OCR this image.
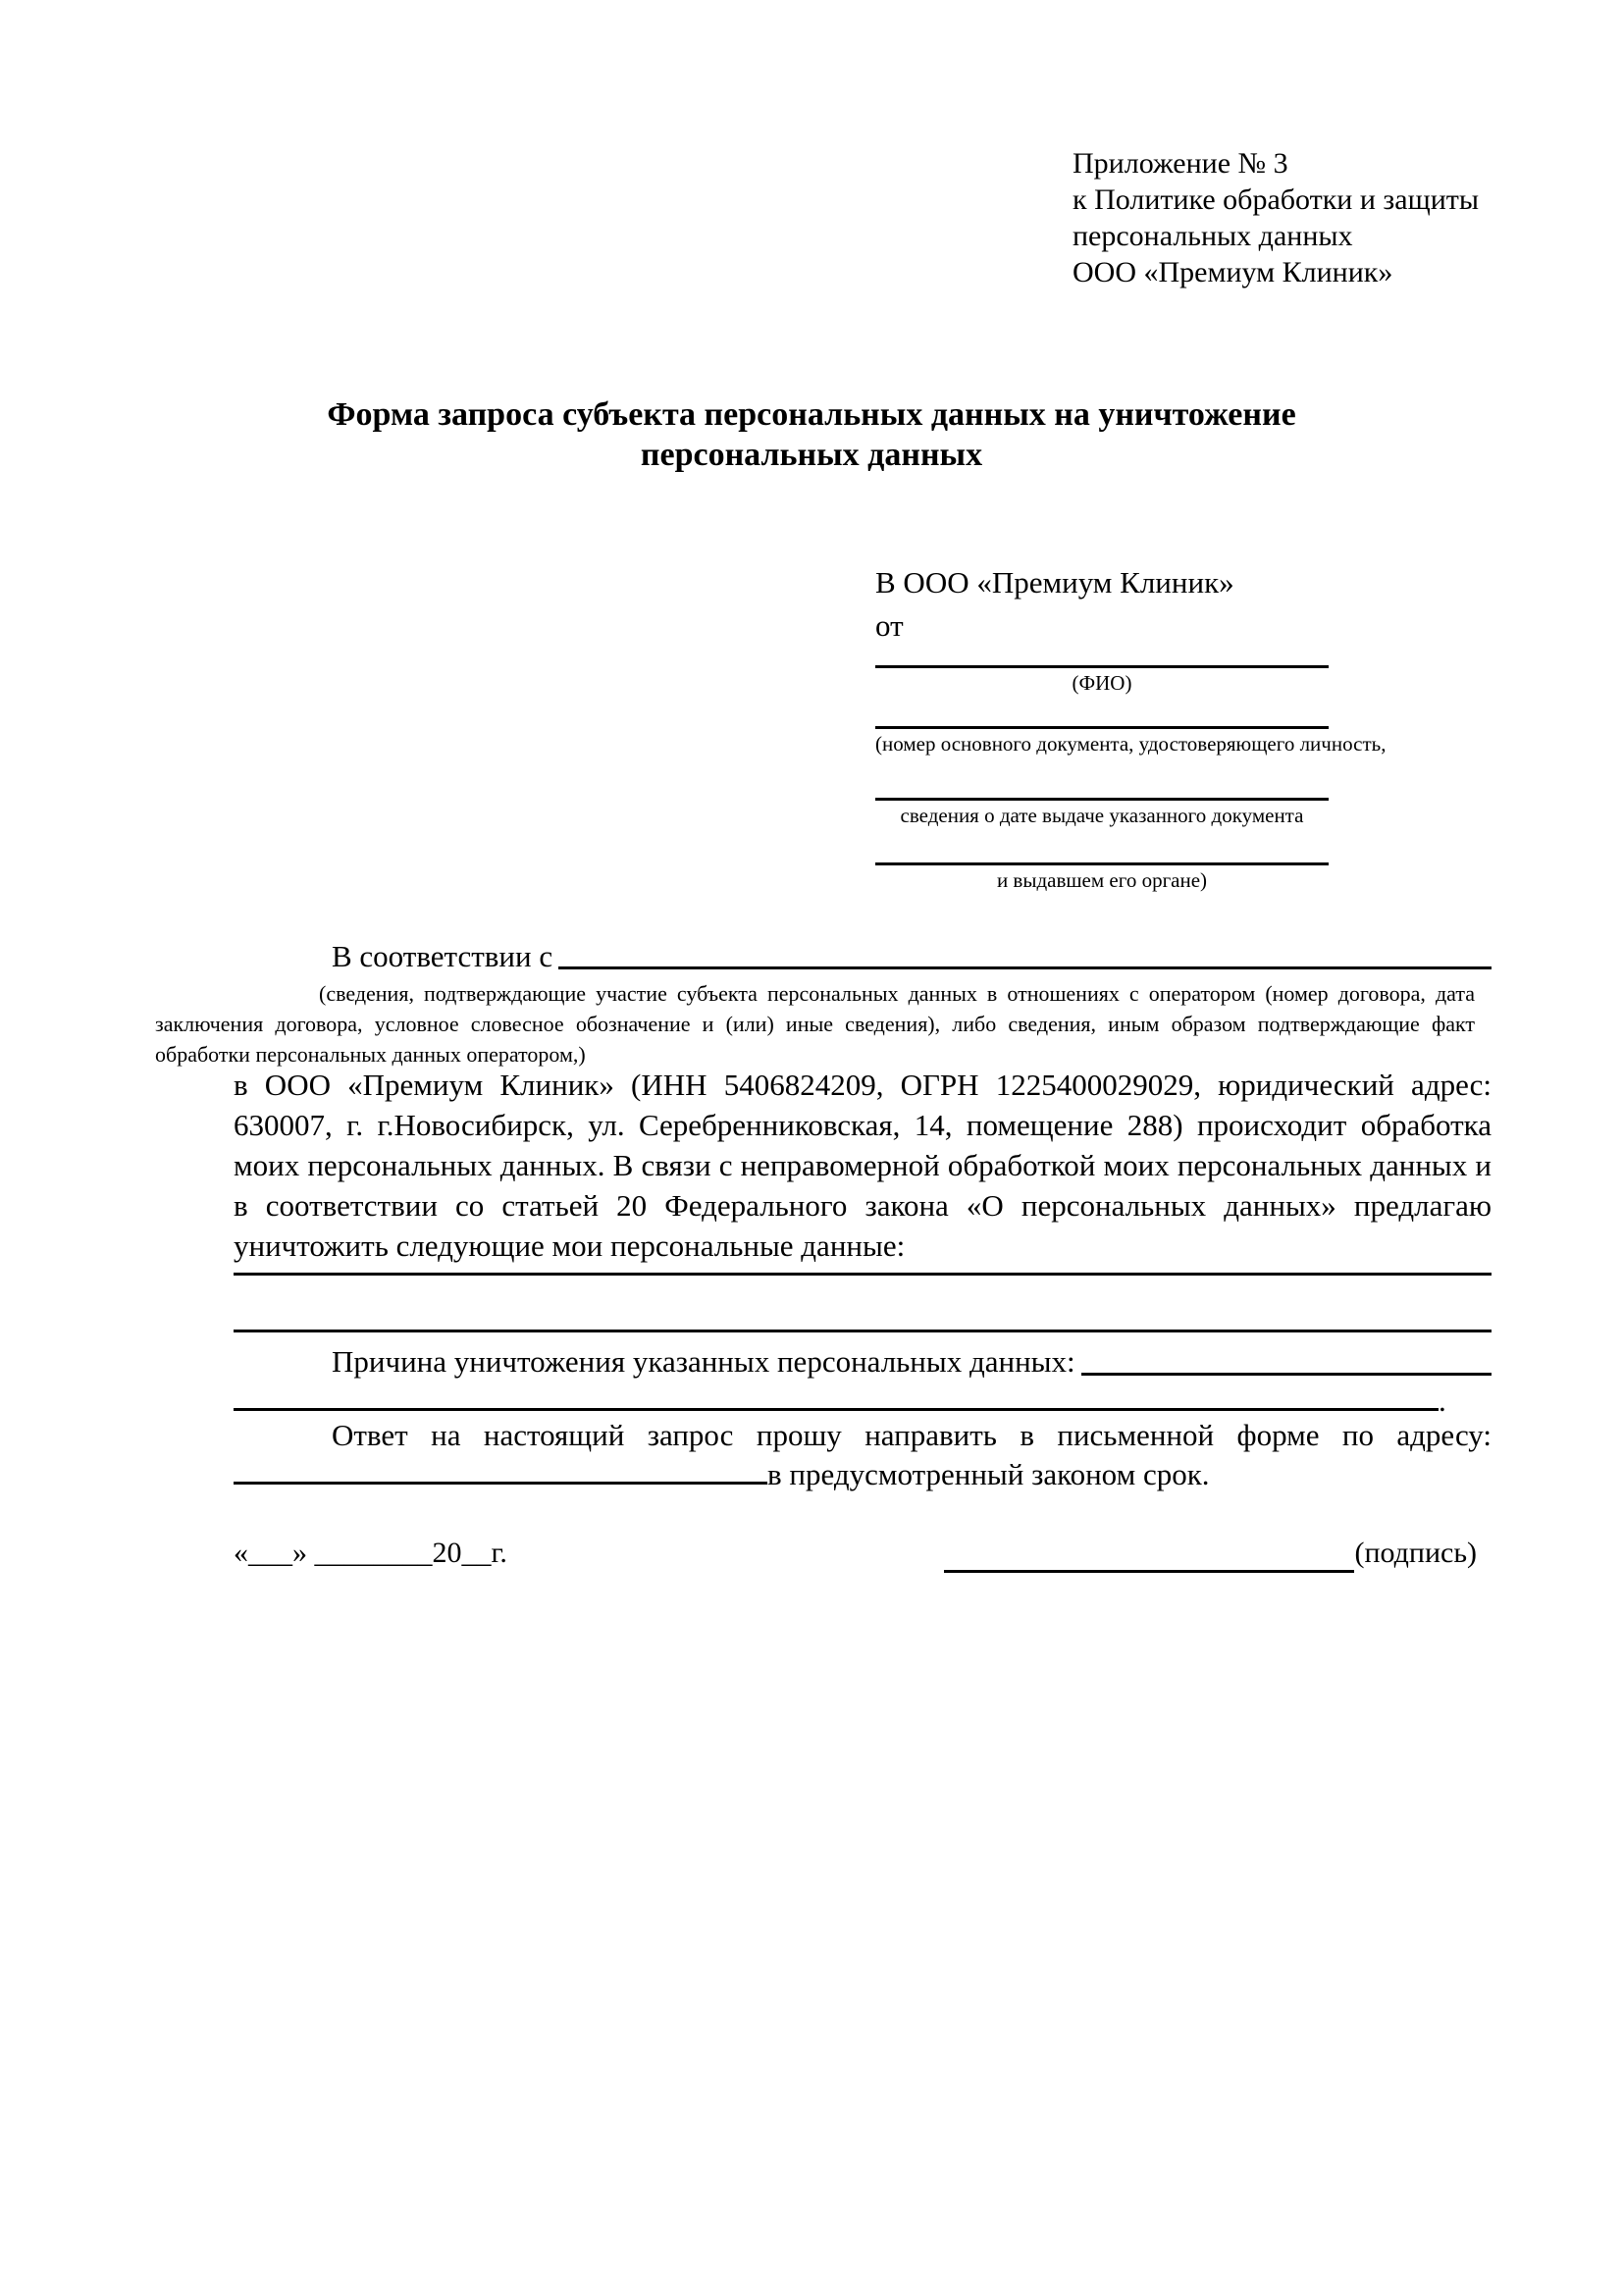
Приложение № 3
к Политике обработки и защиты
персональных данных
ООО «Премиум Клиник»
Форма запроса субъекта персональных данных на уничтожение
персональных данных
В ООО «Премиум Клиник»
от
(ФИО)
(номер основного документа, удостоверяющего личность,
сведения о дате выдаче указанного документа
и выдавшем его органе)
В соответствии с
(сведения, подтверждающие участие субъекта персональных данных в отношениях с оператором (номер договора, дата заключения договора, условное словесное обозначение и (или) иные сведения), либо сведения, иным образом подтверждающие факт обработки персональных данных оператором,)
в ООО «Премиум Клиник» (ИНН 5406824209, ОГРН 1225400029029, юридический адрес: 630007, г. г.Новосибирск, ул. Серебренниковская, 14, помещение 288) происходит обработка моих персональных данных. В связи с неправомерной обработкой моих персональных данных и в соответствии со статьей 20 Федерального закона «О персональных данных» предлагаю уничтожить следующие мои персональные данные:
Причина уничтожения указанных персональных данных:
.
Ответ на настоящий запрос прошу направить в письменной форме по адресу: в предусмотренный законом срок.
«___» ________20__г.	(подпись)
